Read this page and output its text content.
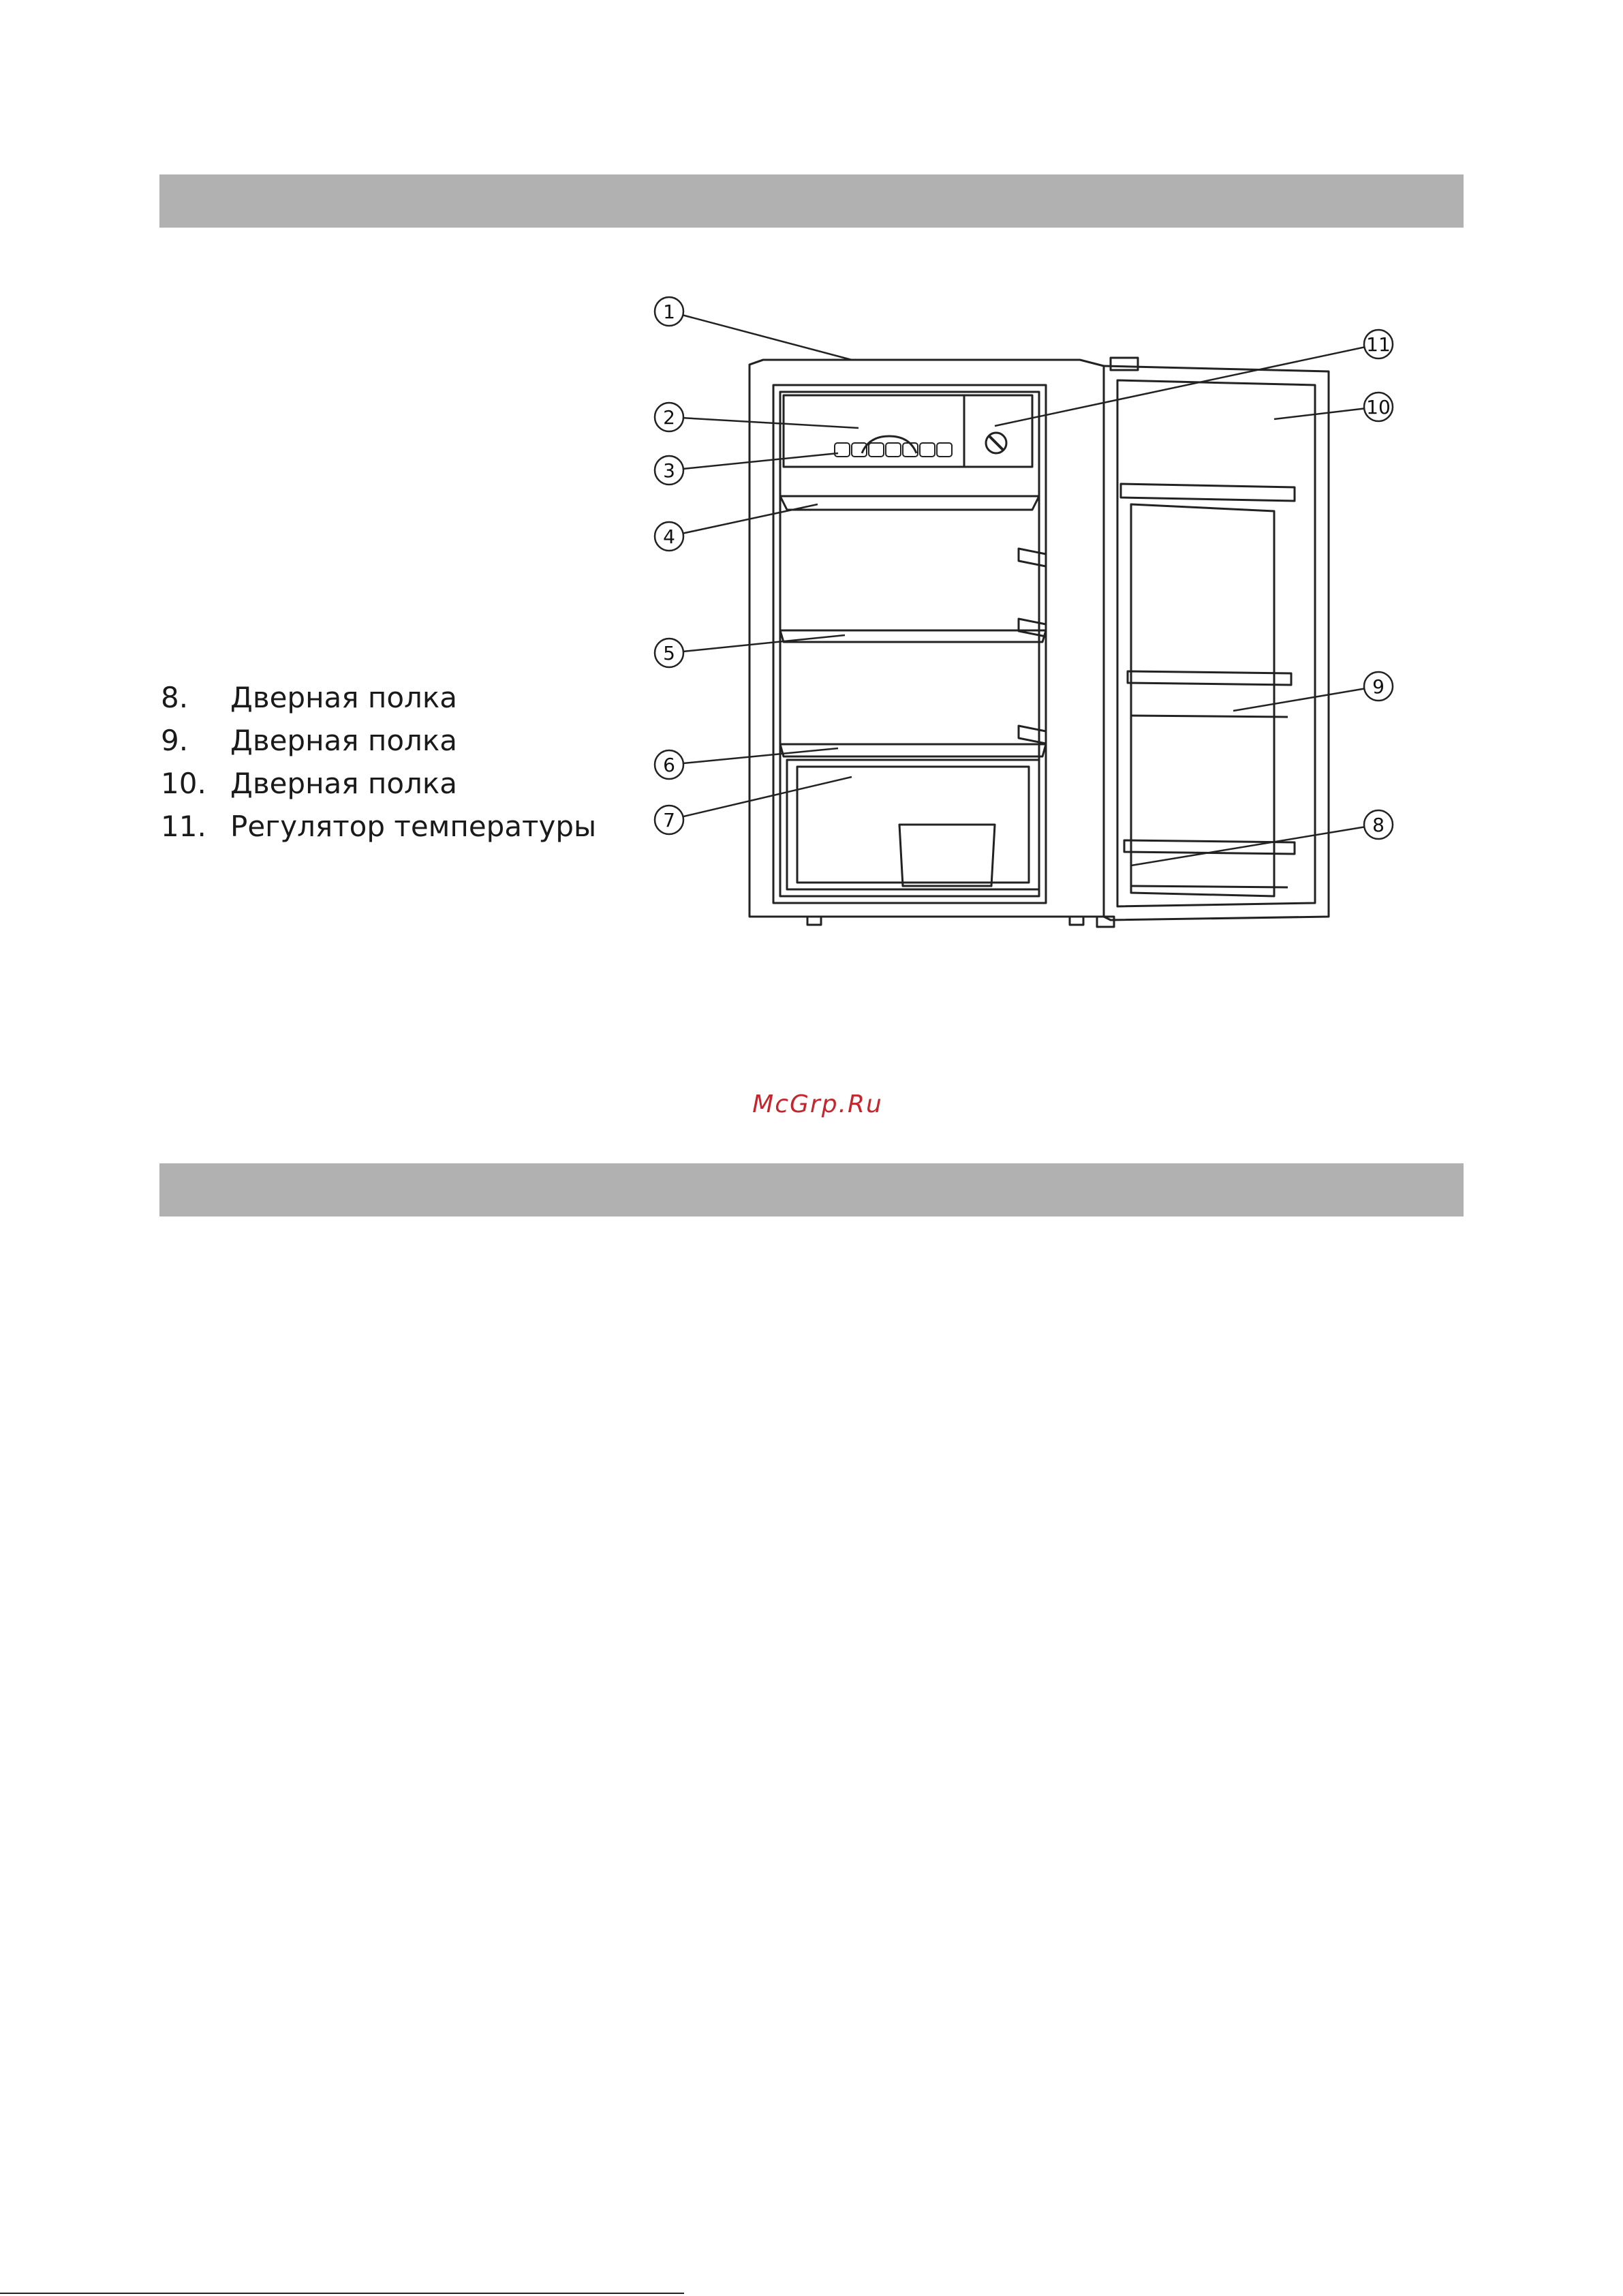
8.	Дверная полка
9.	Дверная полка
10. Дверная полка
11. Регулятор температуры
1
2
3
4
5
6
7	8
9
10
11
McGrp.Ru
